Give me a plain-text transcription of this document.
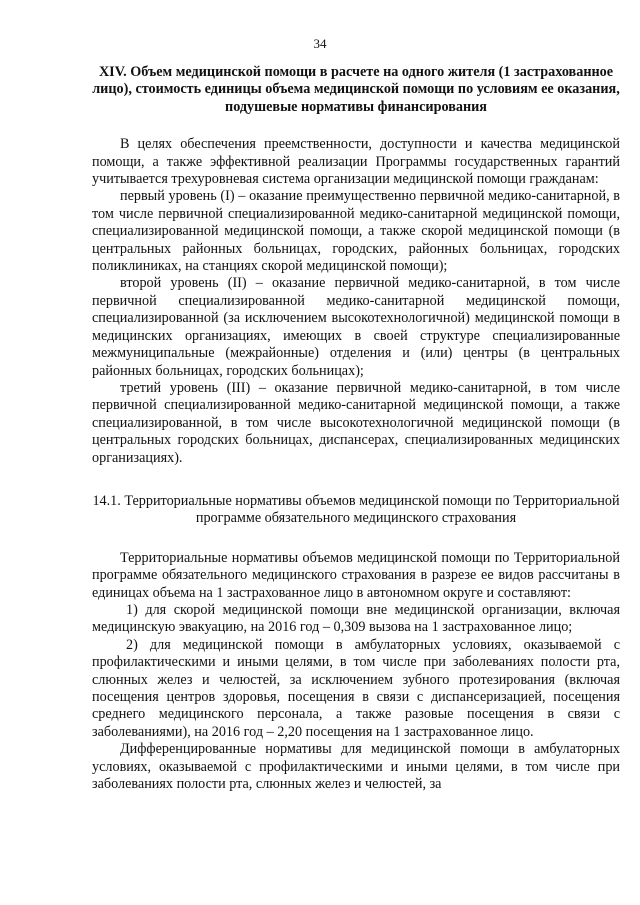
34
XIV. Объем медицинской помощи в расчете на одного жителя (1 застрахованное лицо), стоимость единицы объема медицинской помощи по условиям ее оказания, подушевые нормативы финансирования

В целях обеспечения преемственности, доступности и качества медицинской помощи, а также эффективной реализации Программы государственных гарантий учитывается трехуровневая система организации медицинской помощи гражданам:

первый уровень (I) – оказание преимущественно первичной медико-санитарной, в том числе первичной специализированной медико-санитарной медицинской помощи, специализированной медицинской помощи, а также скорой медицинской помощи (в центральных районных больницах, городских, районных больницах, городских поликлиниках, на станциях скорой медицинской помощи);

второй уровень (II) – оказание первичной медико-санитарной, в том числе первичной специализированной медико-санитарной медицинской помощи, специализированной (за исключением высокотехнологичной) медицинской помощи в медицинских организациях, имеющих в своей структуре специализированные межмуниципальные (межрайонные) отделения и (или) центры (в центральных районных больницах, городских больницах);

третий уровень (III) – оказание первичной медико-санитарной, в том числе первичной специализированной медико-санитарной медицинской помощи, а также специализированной, в том числе высокотехнологичной медицинской помощи (в центральных городских больницах, диспансерах, специализированных медицинских организациях).

14.1. Территориальные нормативы объемов медицинской помощи по Территориальной программе обязательного медицинского страхования

Территориальные нормативы объемов медицинской помощи по Территориальной программе обязательного медицинского страхования в разрезе ее видов рассчитаны в единицах объема на 1 застрахованное лицо в автономном округе и составляют:

1) для скорой медицинской помощи вне медицинской организации, включая медицинскую эвакуацию, на 2016 год – 0,309 вызова на 1 застрахованное лицо;

2) для медицинской помощи в амбулаторных условиях, оказываемой с профилактическими и иными целями, в том числе при заболеваниях полости рта, слюнных желез и челюстей, за исключением зубного протезирования (включая посещения центров здоровья, посещения в связи с диспансеризацией, посещения среднего медицинского персонала, а также разовые посещения в связи с заболеваниями), на 2016 год – 2,20 посещения на 1 застрахованное лицо.

Дифференцированные нормативы для медицинской помощи в амбулаторных условиях, оказываемой с профилактическими и иными целями, в том числе при заболеваниях полости рта, слюнных желез и челюстей, за
